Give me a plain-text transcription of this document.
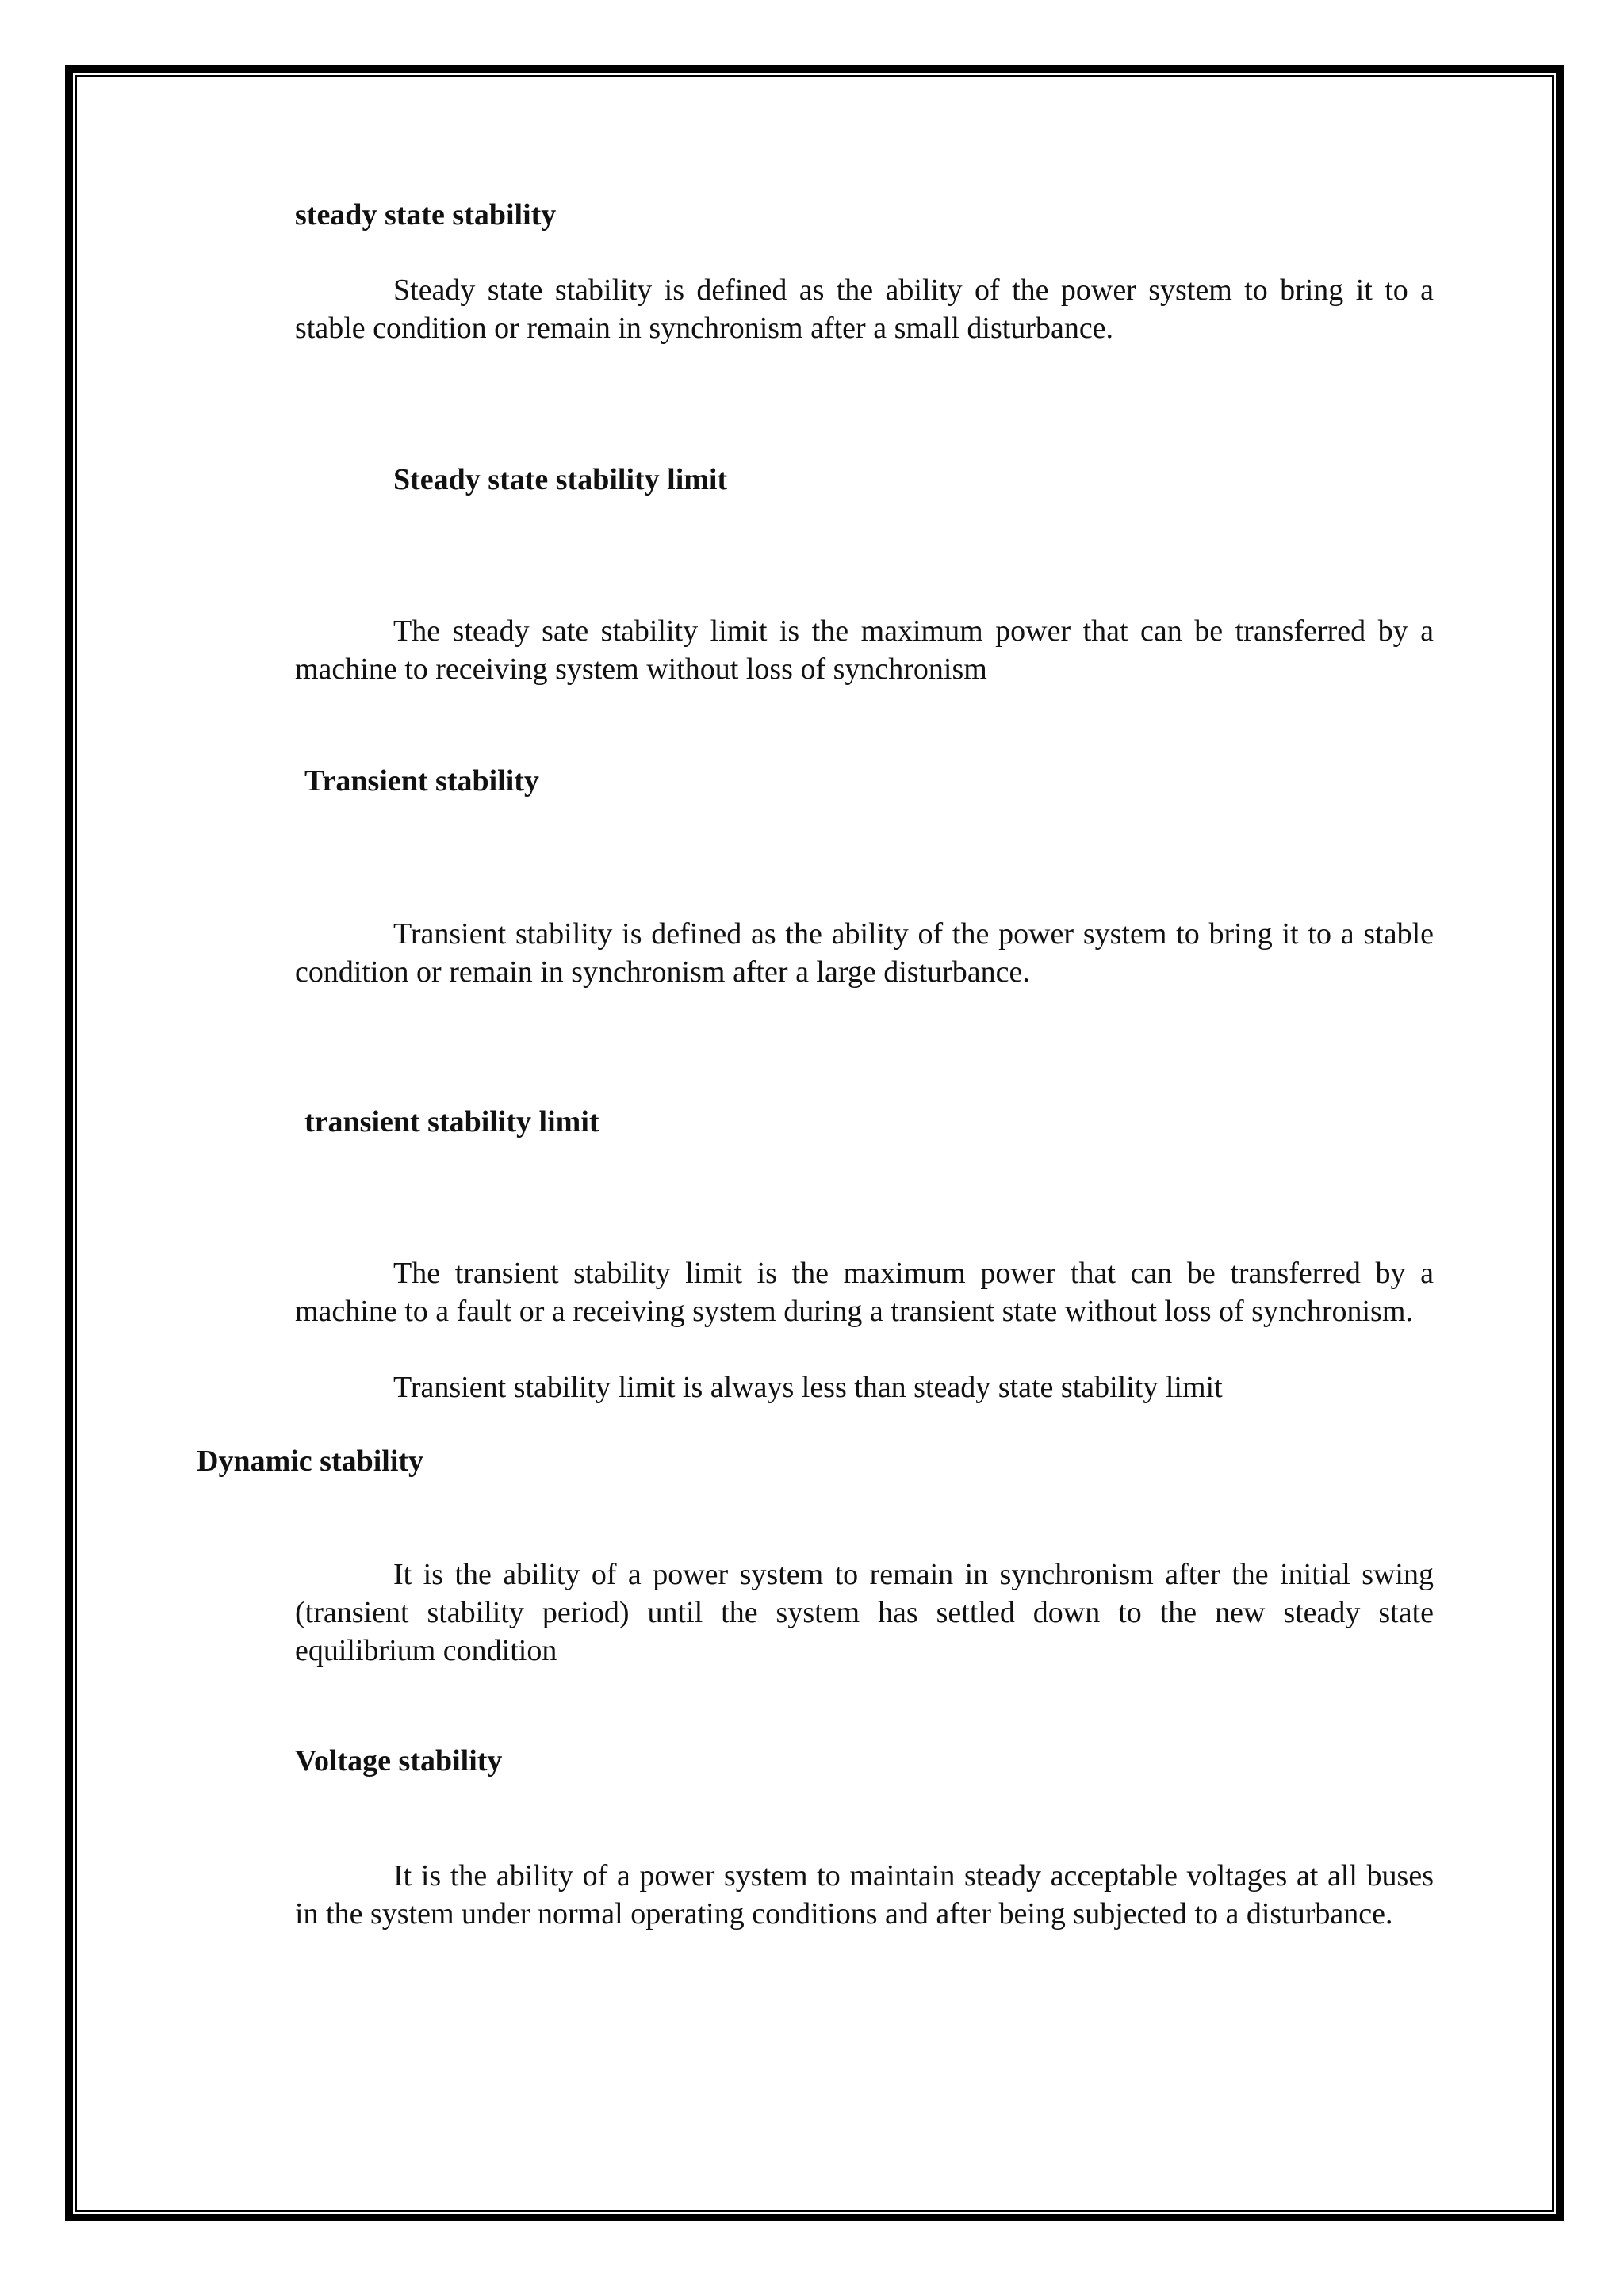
steady state stability
Steady state stability is defined as the ability of the power system to bring it to a stable condition or remain in synchronism after a small disturbance.
Steady state stability limit
The steady sate stability limit is the maximum power that can be transferred by a machine to receiving system without loss of synchronism
Transient stability
Transient stability is defined as the ability of the power system to bring it to a stable condition or remain in synchronism after a large disturbance.
transient stability limit
The transient stability limit is the maximum power that can be transferred by a machine to a fault or a receiving system during a transient state without loss of synchronism.
Transient stability limit is always less than steady state stability limit
Dynamic stability
It is the ability of a power system to remain in synchronism after the initial swing (transient stability period) until the system has settled down to the new steady state equilibrium condition
Voltage stability
It is the ability of a power system to maintain steady acceptable voltages at all buses in the system under normal operating conditions and after being subjected to a disturbance.
